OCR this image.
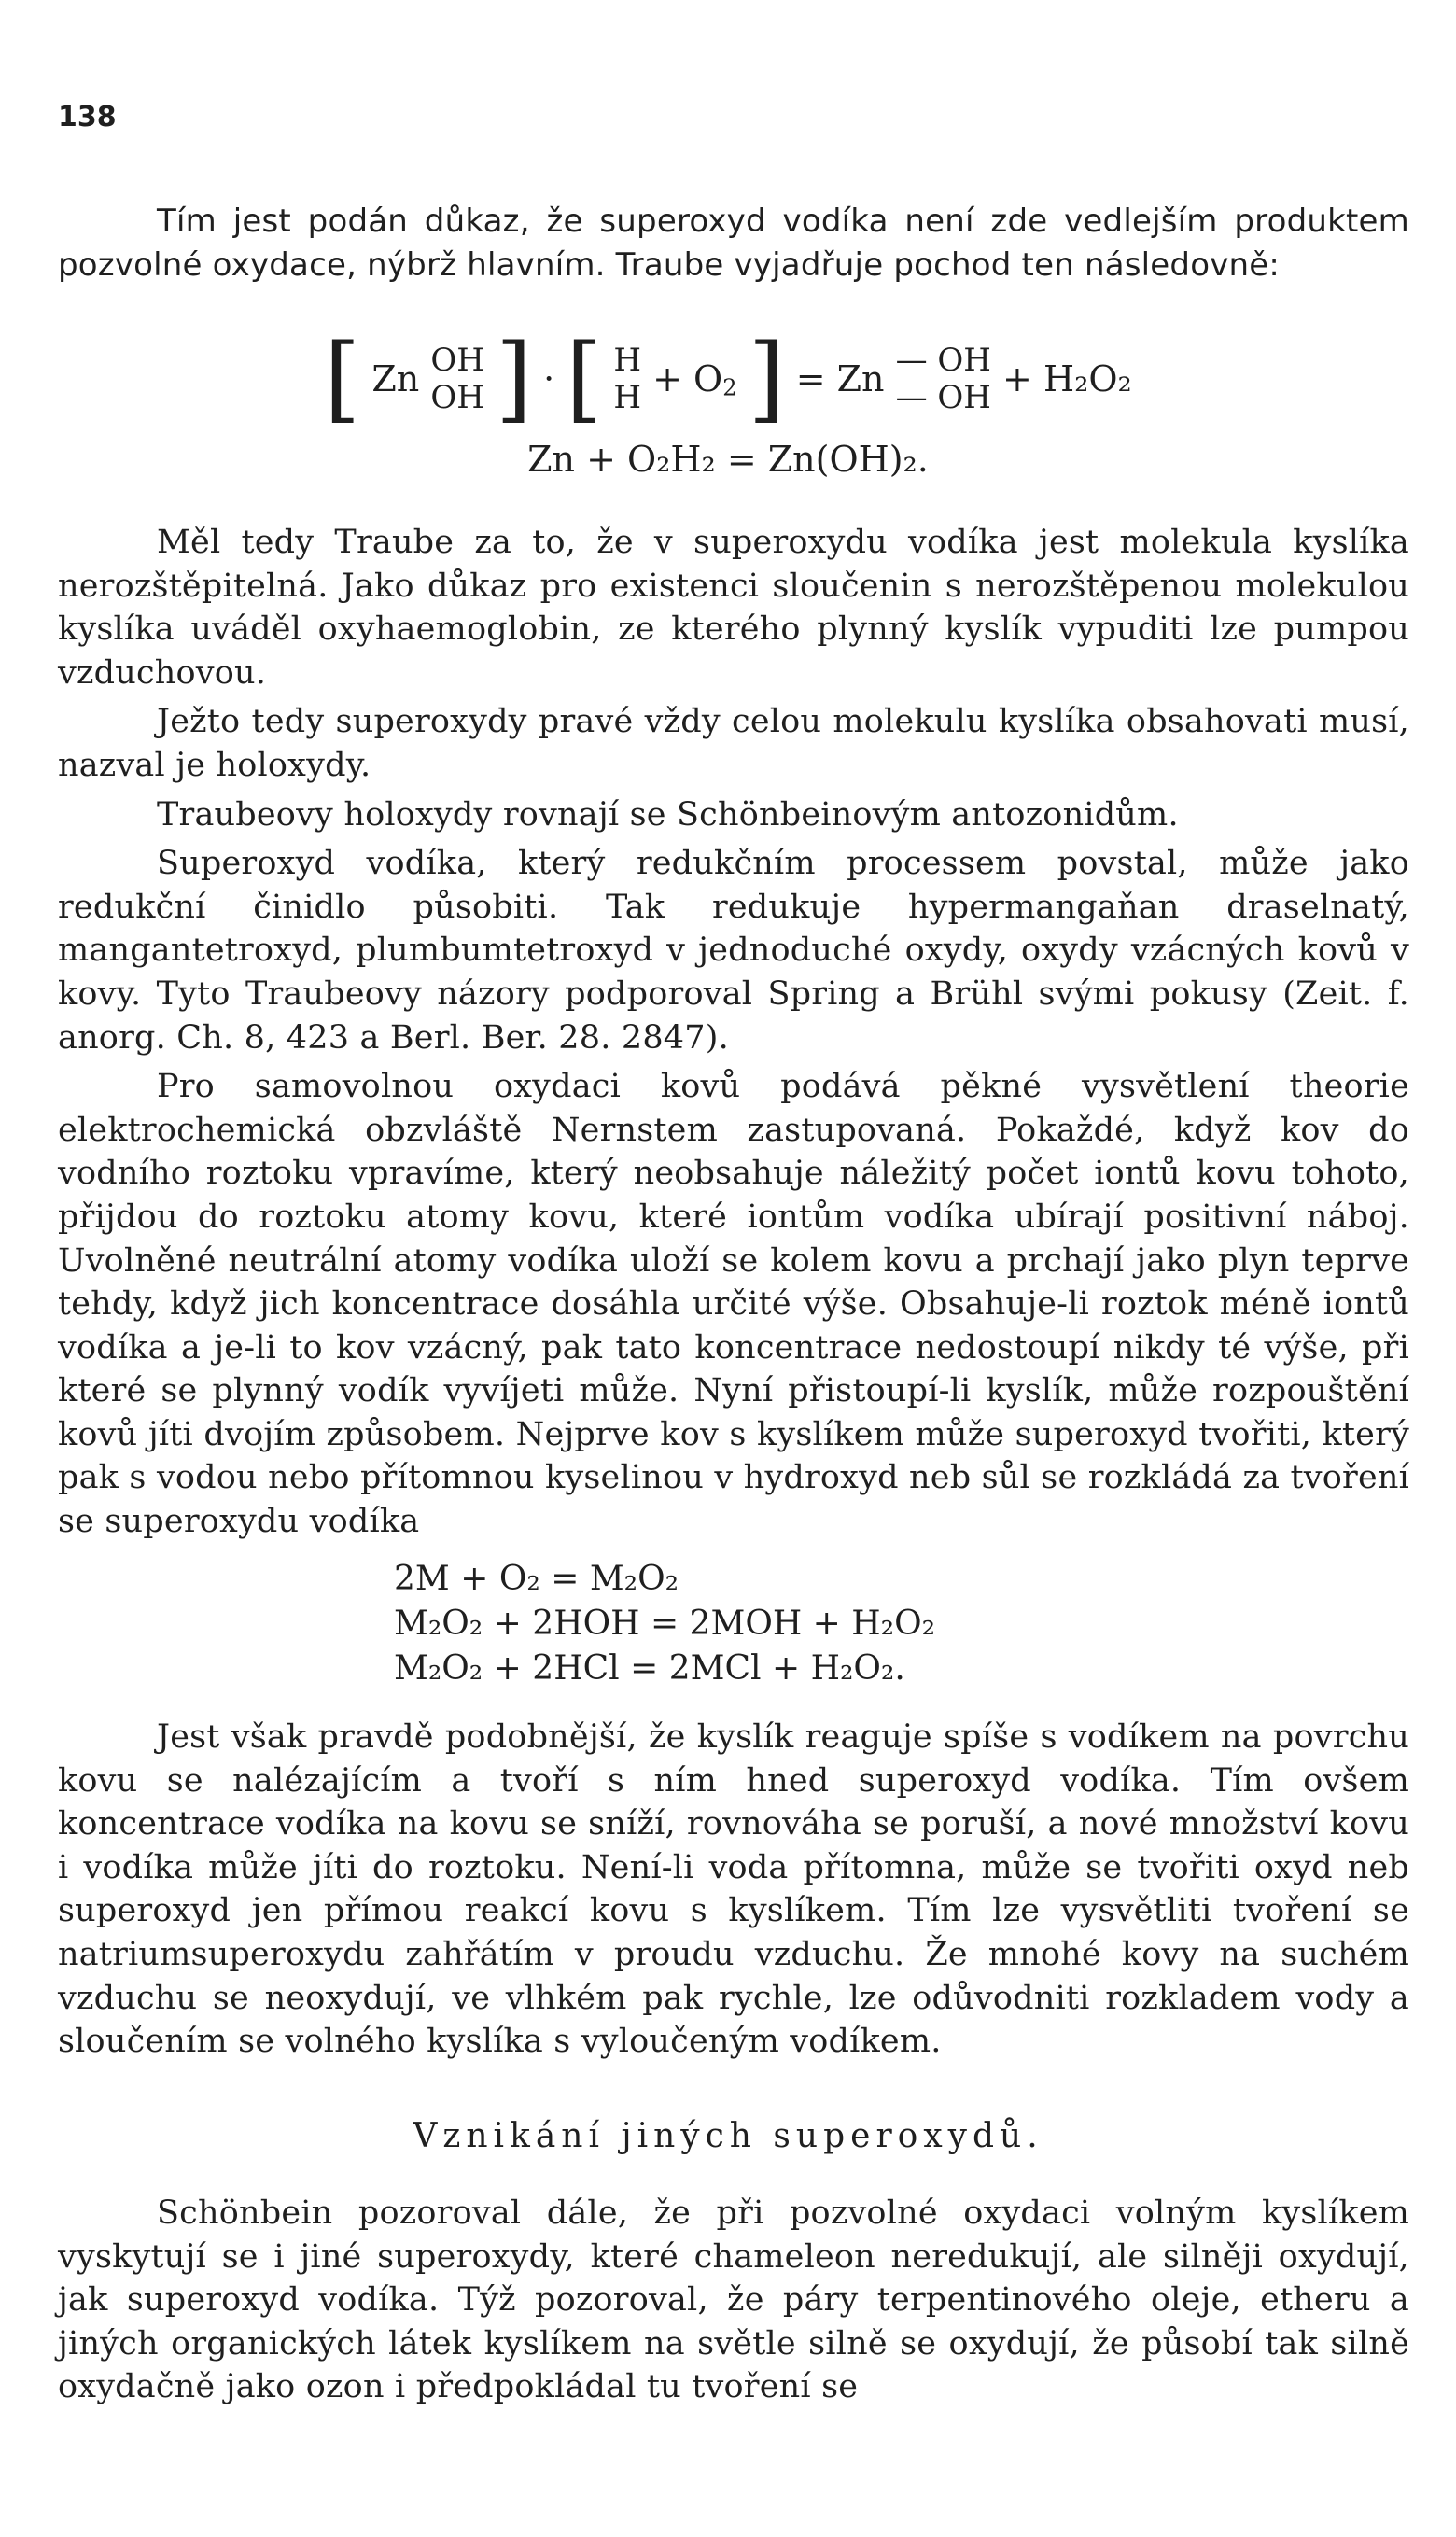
138

Tím jest podán důkaz, že superoxyd vodíka není zde vedlejším produktem pozvolné oxydace, nýbrž hlavním. Traube vyjadřuje pochod ten následovně:

[ Zn OH
OH ] · [ H
$H + O_2$ ] = Zn — OH
— OH + H₂O₂
Zn + O₂H₂ = Zn(OH)₂.

Měl tedy Traube za to, že v superoxydu vodíka jest molekula kyslíka nerozštěpitelná. Jako důkaz pro existenci sloučenin s nerozštěpenou molekulou kyslíka uváděl oxyhaemoglobin, ze kterého plynný kyslík vypuditi lze pumpou vzduchovou.

Ježto tedy superoxydy pravé vždy celou molekulu kyslíka obsahovati musí, nazval je holoxydy.

Traubeovy holoxydy rovnají se Schönbeinovým antozonidům.

Superoxyd vodíka, který redukčním processem povstal, může jako redukční činidlo působiti. Tak redukuje hypermangaňan draselnatý, mangantetroxyd, plumbumtetroxyd v jednoduché oxydy, oxydy vzácných kovů v kovy. Tyto Traubeovy názory podporoval Spring a Brühl svými pokusy (Zeit. f. anorg. Ch. 8, 423 a Berl. Ber. 28. 2847).

Pro samovolnou oxydaci kovů podává pěkné vysvětlení theorie elektrochemická obzvláště Nernstem zastupovaná. Pokaždé, když kov do vodního roztoku vpravíme, který neobsahuje náležitý počet iontů kovu tohoto, přijdou do roztoku atomy kovu, které iontům vodíka ubírají positivní náboj. Uvolněné neutrální atomy vodíka uloží se kolem kovu a prchají jako plyn teprve tehdy, když jich koncentrace dosáhla určité výše. Obsahuje-li roztok méně iontů vodíka a je-li to kov vzácný, pak tato koncentrace nedostoupí nikdy té výše, při které se plynný vodík vyvíjeti může. Nyní přistoupí-li kyslík, může rozpouštění kovů jíti dvojím způsobem. Nejprve kov s kyslíkem může superoxyd tvořiti, který pak s vodou nebo přítomnou kyselinou v hydroxyd neb sůl se rozkládá za tvoření se superoxydu vodíka

2M + O₂ = M₂O₂
M₂O₂ + 2HOH = 2MOH + H₂O₂
M₂O₂ + 2HCl = 2MCl + H₂O₂.

Jest však pravdě podobnější, že kyslík reaguje spíše s vodíkem na povrchu kovu se nalézajícím a tvoří s ním hned superoxyd vodíka. Tím ovšem koncentrace vodíka na kovu se sníží, rovnováha se poruší, a nové množství kovu i vodíka může jíti do roztoku. Není-li voda přítomna, může se tvořiti oxyd neb superoxyd jen přímou reakcí kovu s kyslíkem. Tím lze vysvětliti tvoření se natriumsuperoxydu zahřátím v proudu vzduchu. Že mnohé kovy na suchém vzduchu se neoxydují, ve vlhkém pak rychle, lze odůvodniti rozkladem vody a sloučením se volného kyslíka s vyloučeným vodíkem.

Vznikání jiných superoxydů.

Schönbein pozoroval dále, že při pozvolné oxydaci volným kyslíkem vyskytují se i jiné superoxydy, které chameleon neredukují, ale silněji oxydují, jak superoxyd vodíka. Týž pozoroval, že páry terpentinového oleje, etheru a jiných organických látek kyslíkem na světle silně se oxydují, že působí tak silně oxydačně jako ozon i předpokládal tu tvoření se
